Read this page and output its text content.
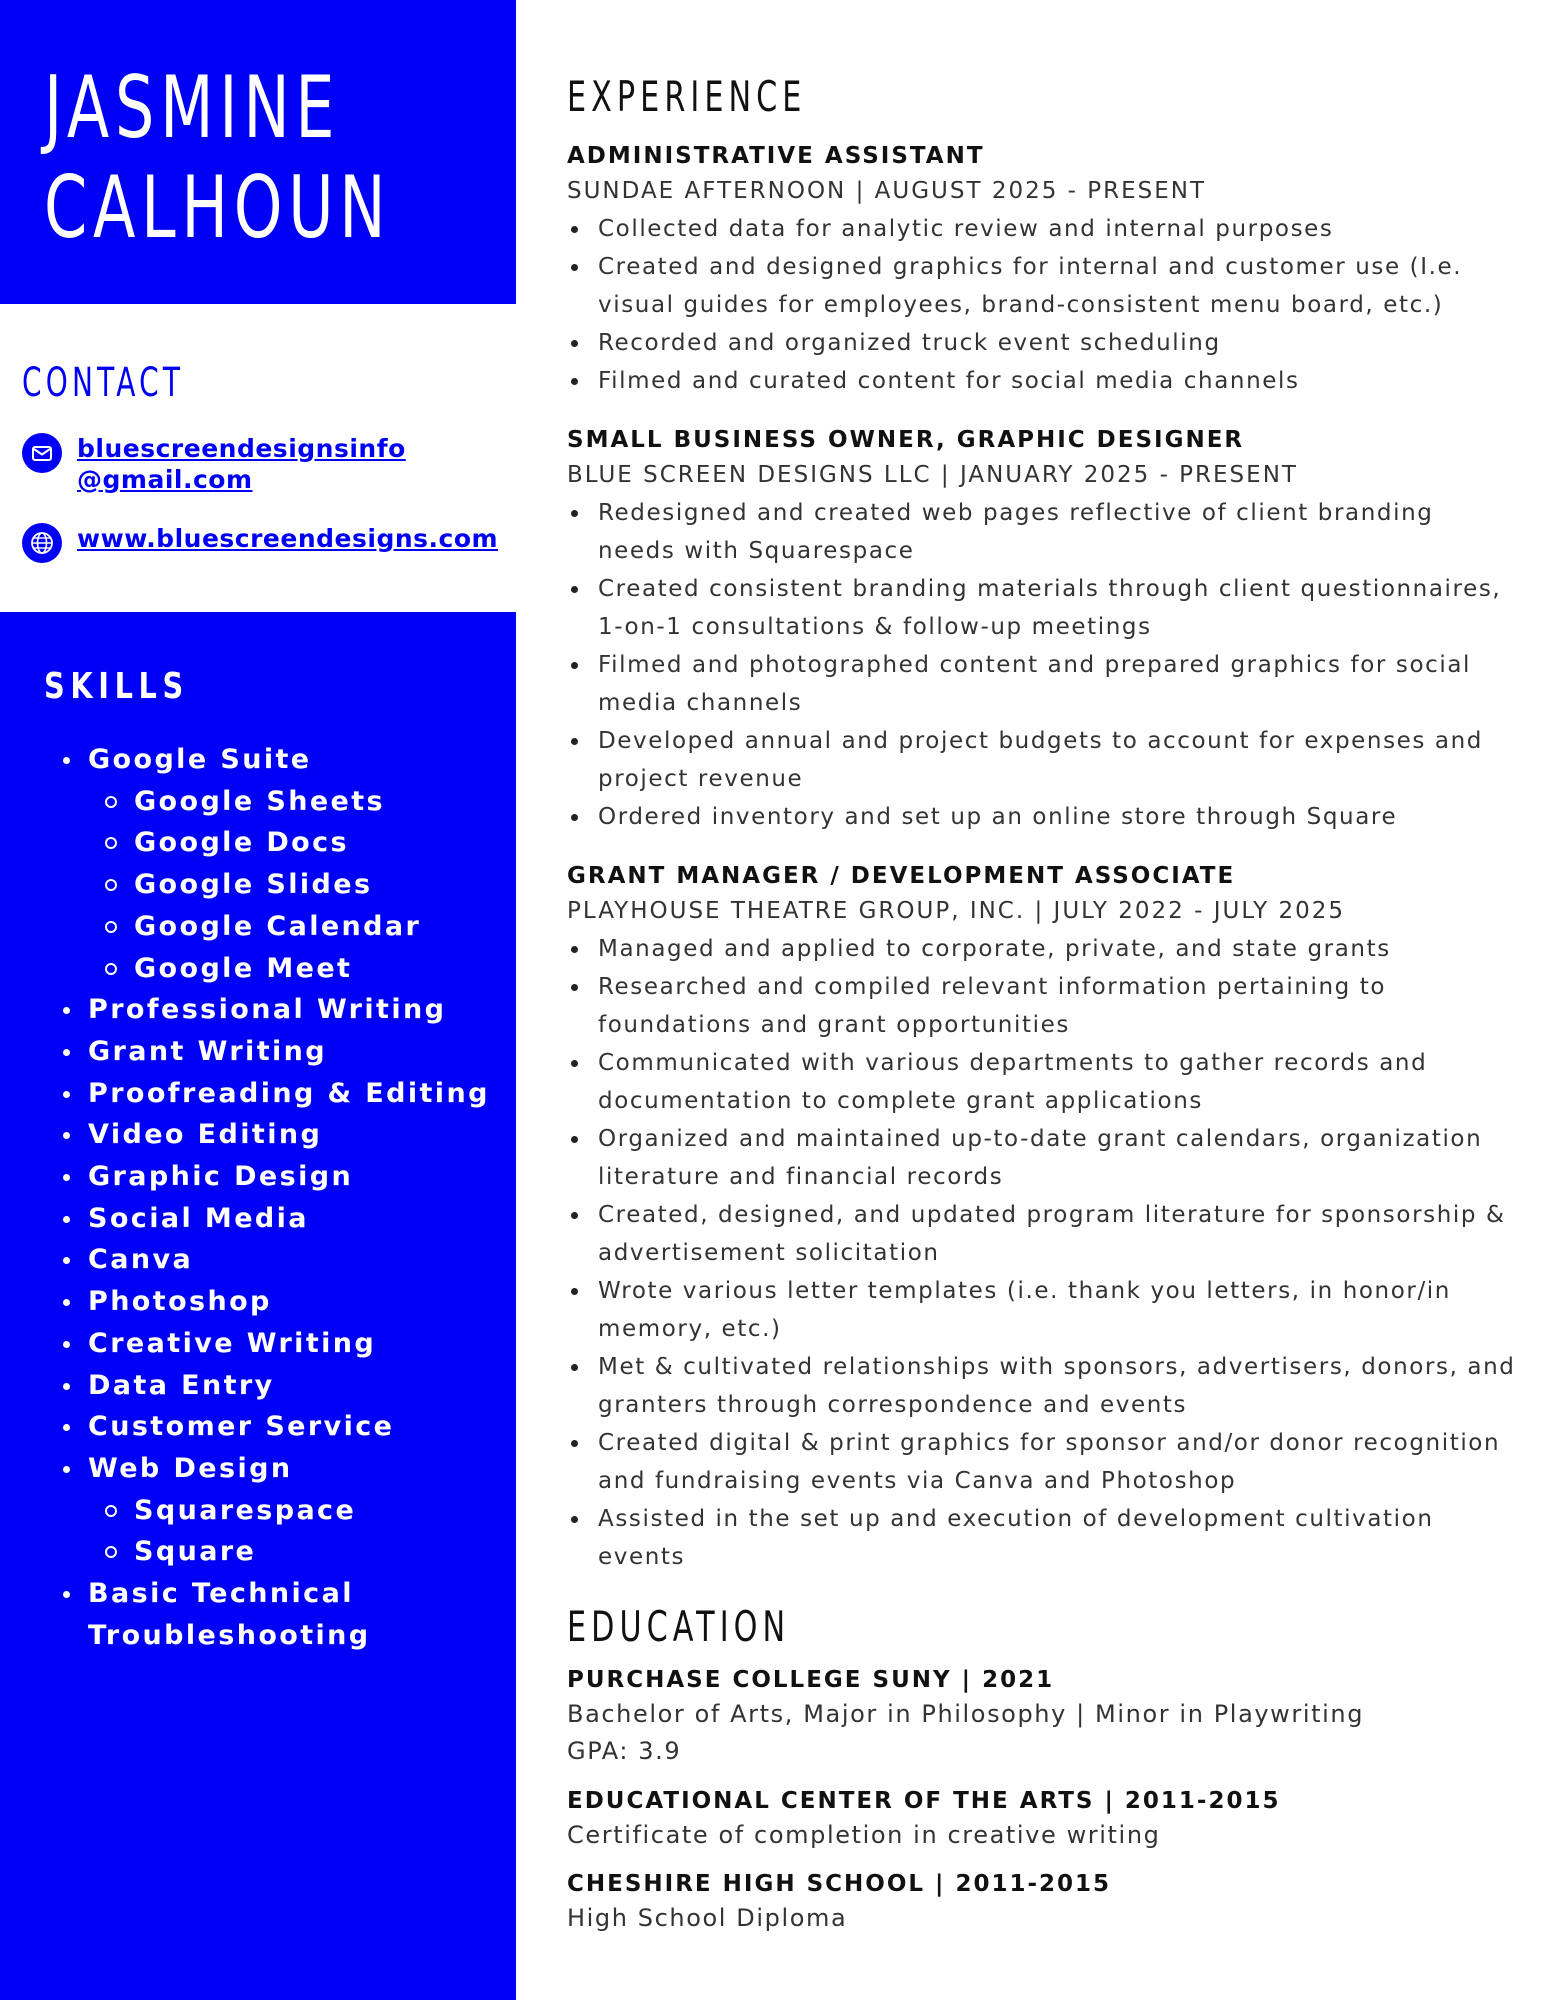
JASMINE
CALHOUN
CONTACT
bluescreendesignsinfo
@gmail.com
www.bluescreendesigns.com
SKILLS
Google Suite
Google Sheets
Google Docs
Google Slides
Google Calendar
Google Meet
Professional Writing
Grant Writing
Proofreading & Editing
Video Editing
Graphic Design
Social Media
Canva
Photoshop
Creative Writing
Data Entry
Customer Service
Web Design
Squarespace
Square
Basic Technical
Troubleshooting
EXPERIENCE
ADMINISTRATIVE ASSISTANT
SUNDAE AFTERNOON | AUGUST 2025 - PRESENT
Collected data for analytic review and internal purposes
Created and designed graphics for internal and customer use (I.e. visual guides for employees, brand-consistent menu board, etc.)
Recorded and organized truck event scheduling
Filmed and curated content for social media channels
SMALL BUSINESS OWNER, GRAPHIC DESIGNER
BLUE SCREEN DESIGNS LLC | JANUARY 2025 - PRESENT
Redesigned and created web pages reflective of client branding needs with Squarespace
Created consistent branding materials through client questionnaires, 1-on-1 consultations & follow-up meetings
Filmed and photographed content and prepared graphics for social media channels
Developed annual and project budgets to account for expenses and project revenue
Ordered inventory and set up an online store through Square
GRANT MANAGER / DEVELOPMENT ASSOCIATE
PLAYHOUSE THEATRE GROUP, INC. | JULY 2022 - JULY 2025
Managed and applied to corporate, private, and state grants
Researched and compiled relevant information pertaining to foundations and grant opportunities
Communicated with various departments to gather records and documentation to complete grant applications
Organized and maintained up-to-date grant calendars, organization literature and financial records
Created, designed, and updated program literature for sponsorship & advertisement solicitation
Wrote various letter templates (i.e. thank you letters, in honor/in memory, etc.)
Met & cultivated relationships with sponsors, advertisers, donors, and granters through correspondence and events
Created digital & print graphics for sponsor and/or donor recognition and fundraising events via Canva and Photoshop
Assisted in the set up and execution of development cultivation events
EDUCATION
PURCHASE COLLEGE SUNY | 2021
Bachelor of Arts, Major in Philosophy | Minor in Playwriting
GPA: 3.9
EDUCATIONAL CENTER OF THE ARTS | 2011-2015
Certificate of completion in creative writing
CHESHIRE HIGH SCHOOL | 2011-2015
High School Diploma
